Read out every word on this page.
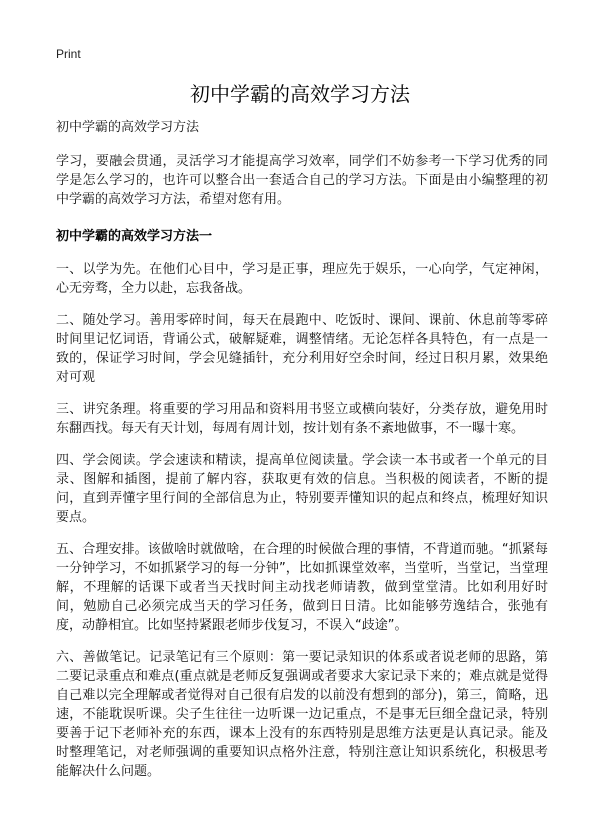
Print
初中学霸的高效学习方法

初中学霸的高效学习方法

学习，要融会贯通，灵活学习才能提高学习效率，同学们不妨参考一下学习优秀的同学是怎么学习的，也许可以整合出一套适合自己的学习方法。下面是由小编整理的初中学霸的高效学习方法，希望对您有用。

初中学霸的高效学习方法一

一、以学为先。在他们心目中，学习是正事，理应先于娱乐，一心向学，气定神闲，心无旁骛，全力以赴，忘我备战。

二、随处学习。善用零碎时间，每天在晨跑中、吃饭时、课间、课前、休息前等零碎时间里记忆词语，背诵公式，破解疑难，调整情绪。无论怎样各具特色，有一点是一致的，保证学习时间，学会见缝插针，充分利用好空余时间，经过日积月累，效果绝对可观

三、讲究条理。将重要的学习用品和资料用书竖立或横向装好，分类存放，避免用时东翻西找。每天有天计划，每周有周计划，按计划有条不紊地做事，不一曝十寒。

四、学会阅读。学会速读和精读，提高单位阅读量。学会读一本书或者一个单元的目录、图解和插图，提前了解内容，获取更有效的信息。当积极的阅读者，不断的提问，直到弄懂字里行间的全部信息为止，特别要弄懂知识的起点和终点，梳理好知识要点。

五、合理安排。该做啥时就做啥，在合理的时候做合理的事情，不背道而驰。“抓紧每一分钟学习，不如抓紧学习的每一分钟”，比如抓课堂效率，当堂听，当堂记，当堂理解，不理解的话课下或者当天找时间主动找老师请教，做到堂堂清。比如利用好时间，勉励自己必须完成当天的学习任务，做到日日清。比如能够劳逸结合，张弛有度，动静相宜。比如坚持紧跟老师步伐复习，不误入“歧途”。

六、善做笔记。记录笔记有三个原则：第一要记录知识的体系或者说老师的思路，第二要记录重点和难点(重点就是老师反复强调或者要求大家记录下来的；难点就是觉得自己难以完全理解或者觉得对自己很有启发的以前没有想到的部分)，第三，简略，迅速，不能耽误听课。尖子生往往一边听课一边记重点，不是事无巨细全盘记录，特别要善于记下老师补充的东西，课本上没有的东西特别是思维方法更是认真记录。能及时整理笔记，对老师强调的重要知识点格外注意，特别注意让知识系统化，积极思考能解决什么问题。
